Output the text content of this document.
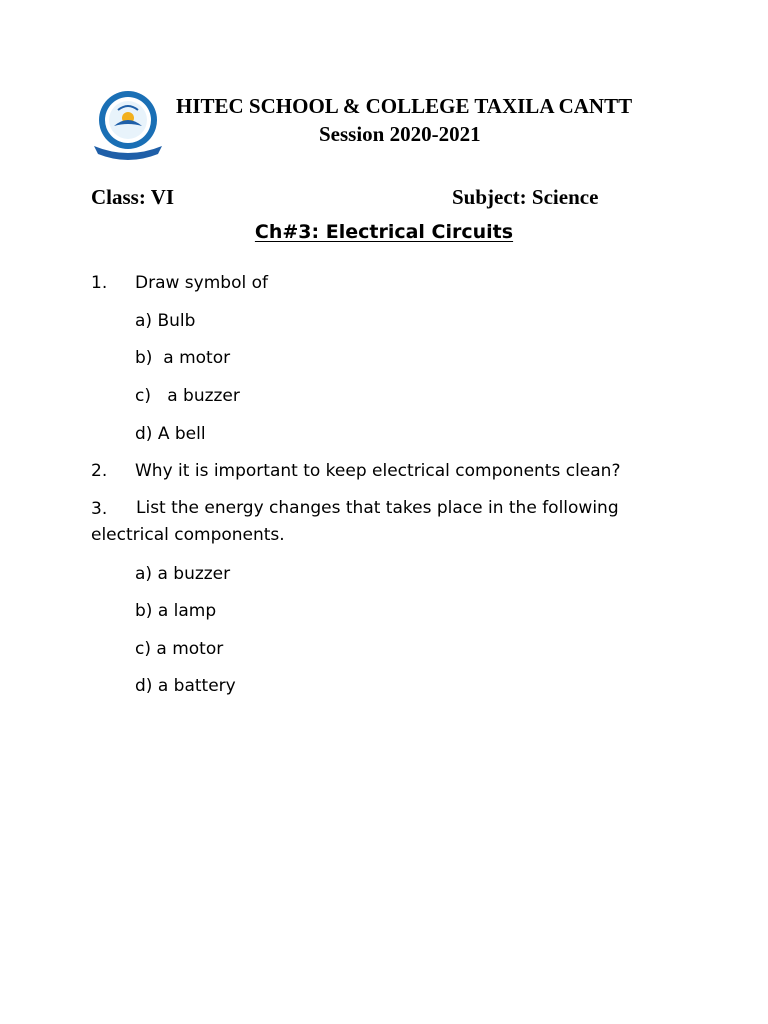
HITEC SCHOOL & COLLEGE TAXILA CANTT
Session 2020-2021
Class: VI	Subject: Science
Ch#3: Electrical Circuits
1. Draw symbol of
a) Bulb
b) a motor
c) a buzzer
d) A bell
2. Why it is important to keep electrical components clean?
3.	List the energy changes that takes place in the following electrical components.
a) a buzzer
b) a lamp
c) a motor
d) a battery
